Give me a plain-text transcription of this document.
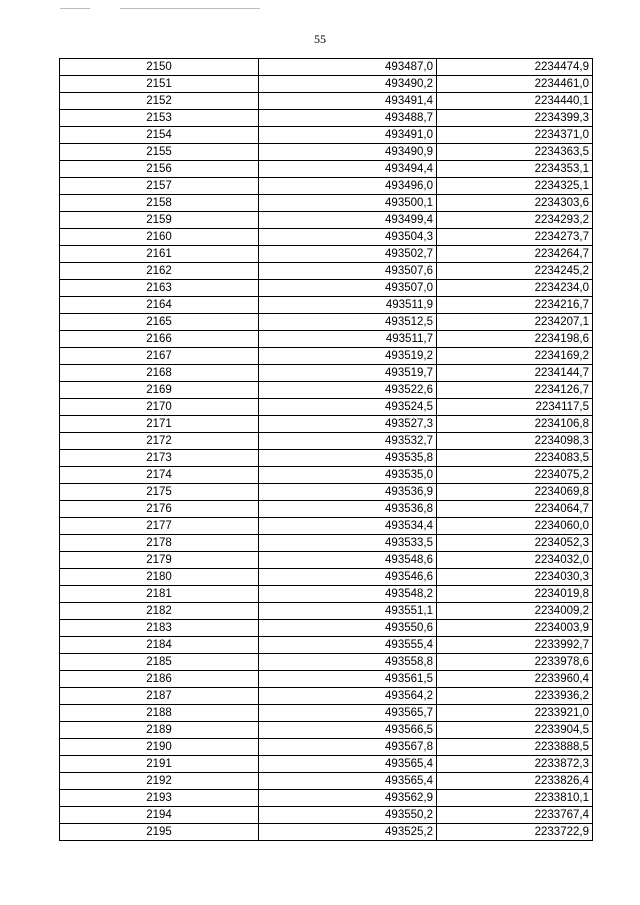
55
2150	493487,0	2234474,9
2151	493490,2	2234461,0
2152	493491,4	2234440,1
2153	493488,7	2234399,3
2154	493491,0	2234371,0
2155	493490,9	2234363,5
2156	493494,4	2234353,1
2157	493496,0	2234325,1
2158	493500,1	2234303,6
2159	493499,4	2234293,2
2160	493504,3	2234273,7
2161	493502,7	2234264,7
2162	493507,6	2234245,2
2163	493507,0	2234234,0
2164	493511,9	2234216,7
2165	493512,5	2234207,1
2166	493511,7	2234198,6
2167	493519,2	2234169,2
2168	493519,7	2234144,7
2169	493522,6	2234126,7
2170	493524,5	2234117,5
2171	493527,3	2234106,8
2172	493532,7	2234098,3
2173	493535,8	2234083,5
2174	493535,0	2234075,2
2175	493536,9	2234069,8
2176	493536,8	2234064,7
2177	493534,4	2234060,0
2178	493533,5	2234052,3
2179	493548,6	2234032,0
2180	493546,6	2234030,3
2181	493548,2	2234019,8
2182	493551,1	2234009,2
2183	493550,6	2234003,9
2184	493555,4	2233992,7
2185	493558,8	2233978,6
2186	493561,5	2233960,4
2187	493564,2	2233936,2
2188	493565,7	2233921,0
2189	493566,5	2233904,5
2190	493567,8	2233888,5
2191	493565,4	2233872,3
2192	493565,4	2233826,4
2193	493562,9	2233810,1
2194	493550,2	2233767,4
2195	493525,2	2233722,9
